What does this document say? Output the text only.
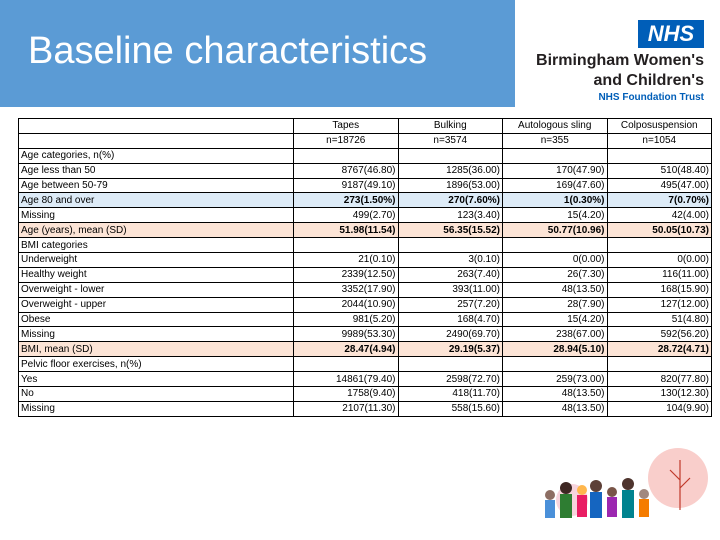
Baseline characteristics	NHS
Birmingham Women's
and Children's
NHS Foundation Trust
	Tapes	Bulking	Autologous sling	Colposuspension
	n=18726	n=3574	n=355	n=1054
Age categories, n(%)				
Age less than 50	8767(46.80)	1285(36.00)	170(47.90)	510(48.40)
Age between 50-79	9187(49.10)	1896(53.00)	169(47.60)	495(47.00)
Age 80 and over	273(1.50%)	270(7.60%)	1(0.30%)	7(0.70%)
Missing	499(2.70)	123(3.40)	15(4.20)	42(4.00)
Age (years), mean (SD)	51.98(11.54)	56.35(15.52)	50.77(10.96)	50.05(10.73)
BMI categories				
Underweight	21(0.10)	3(0.10)	0(0.00)	0(0.00)
Healthy weight	2339(12.50)	263(7.40)	26(7.30)	116(11.00)
Overweight - lower	3352(17.90)	393(11.00)	48(13.50)	168(15.90)
Overweight - upper	2044(10.90)	257(7.20)	28(7.90)	127(12.00)
Obese	981(5.20)	168(4.70)	15(4.20)	51(4.80)
Missing	9989(53.30)	2490(69.70)	238(67.00)	592(56.20)
BMI, mean (SD)	28.47(4.94)	29.19(5.37)	28.94(5.10)	28.72(4.71)
Pelvic floor exercises, n(%)				
Yes	14861(79.40)	2598(72.70)	259(73.00)	820(77.80)
No	1758(9.40)	418(11.70)	48(13.50)	130(12.30)
Missing	2107(11.30)	558(15.60)	48(13.50)	104(9.90)
